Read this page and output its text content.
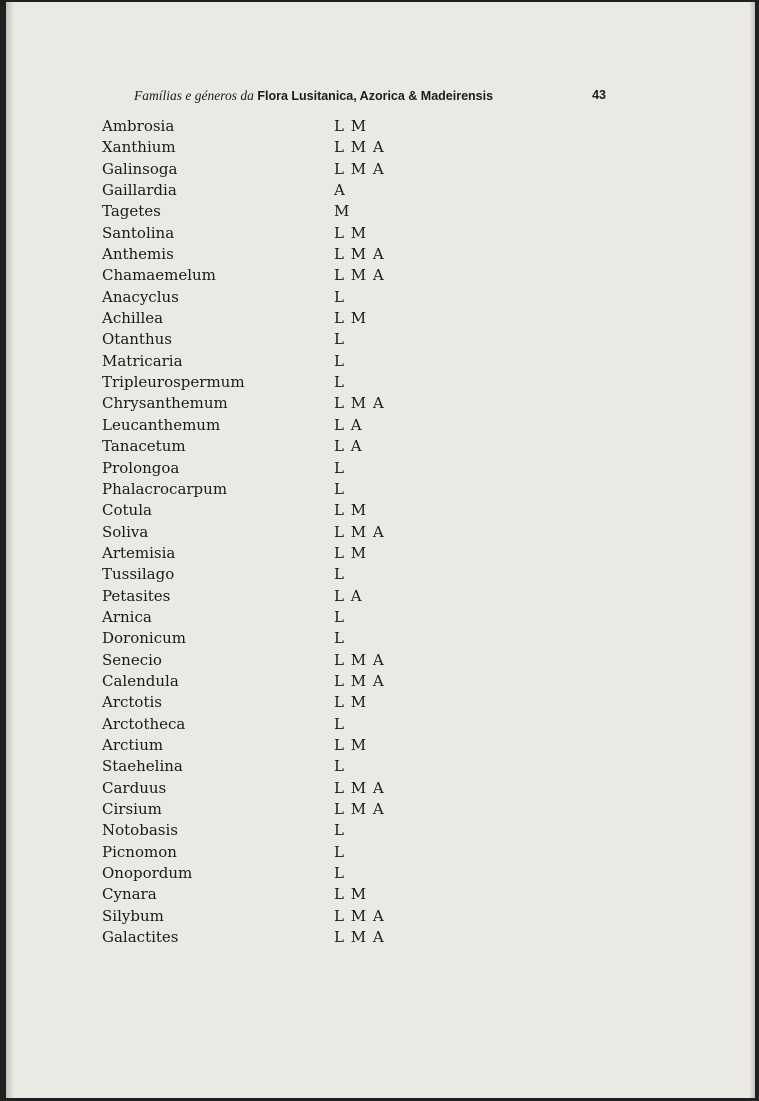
Famílias e géneros da Flora Lusitanica, Azorica & Madeirensis	43
Ambrosia	L M
Xanthium	L M A
Galinsoga	L M A
Gaillardia	A
Tagetes	M
Santolina	L M
Anthemis	L M A
Chamaemelum	L M A
Anacyclus	L
Achillea	L M
Otanthus	L
Matricaria	L
Tripleurospermum	L
Chrysanthemum	L M A
Leucanthemum	L A
Tanacetum	L A
Prolongoa	L
Phalacrocarpum	L
Cotula	L M
Soliva	L M A
Artemisia	L M
Tussilago	L
Petasites	L A
Arnica	L
Doronicum	L
Senecio	L M A
Calendula	L M A
Arctotis	L M
Arctotheca	L
Arctium	L M
Staehelina	L
Carduus	L M A
Cirsium	L M A
Notobasis	L
Picnomon	L
Onopordum	L
Cynara	L M
Silybum	L M A
Galactites	L M A
